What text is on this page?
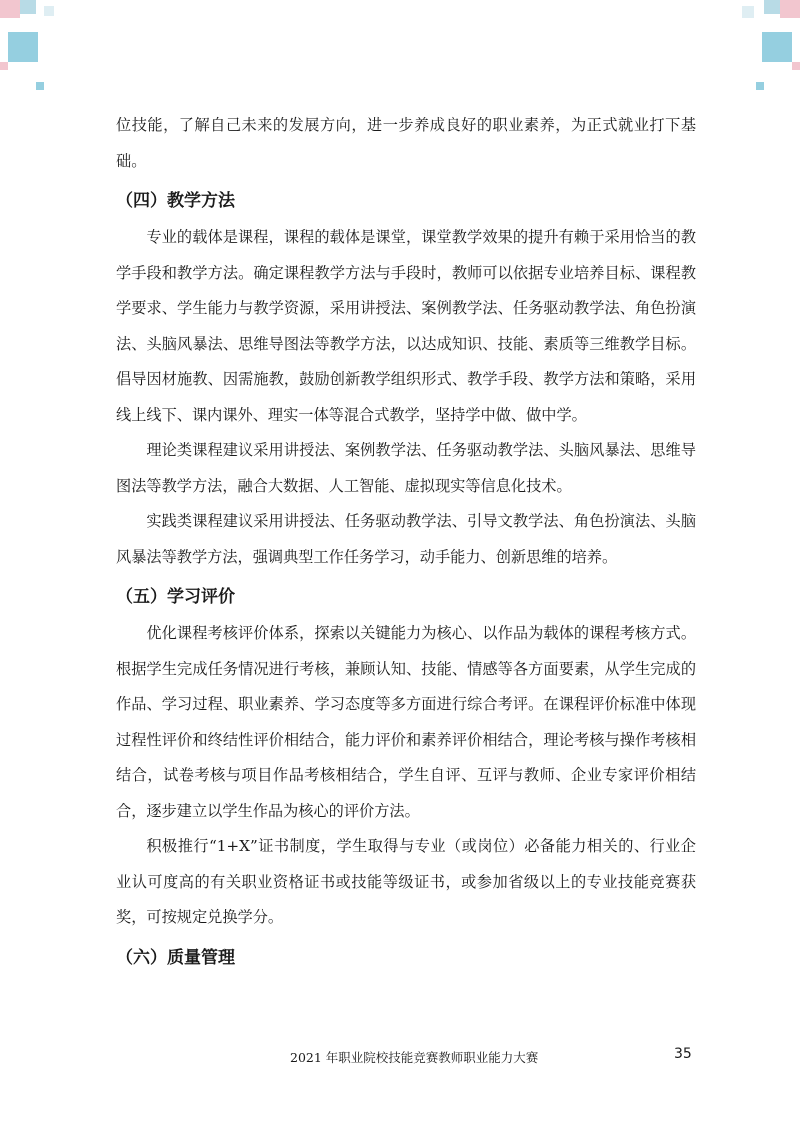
位技能，了解自己未来的发展方向，进一步养成良好的职业素养，为正式就业打下基础。

（四）教学方法

专业的载体是课程，课程的载体是课堂，课堂教学效果的提升有赖于采用恰当的教学手段和教学方法。确定课程教学方法与手段时，教师可以依据专业培养目标、课程教学要求、学生能力与教学资源，采用讲授法、案例教学法、任务驱动教学法、角色扮演法、头脑风暴法、思维导图法等教学方法，以达成知识、技能、素质等三维教学目标。倡导因材施教、因需施教，鼓励创新教学组织形式、教学手段、教学方法和策略，采用线上线下、课内课外、理实一体等混合式教学，坚持学中做、做中学。

理论类课程建议采用讲授法、案例教学法、任务驱动教学法、头脑风暴法、思维导图法等教学方法，融合大数据、人工智能、虚拟现实等信息化技术。

实践类课程建议采用讲授法、任务驱动教学法、引导文教学法、角色扮演法、头脑风暴法等教学方法，强调典型工作任务学习，动手能力、创新思维的培养。

（五）学习评价

优化课程考核评价体系，探索以关键能力为核心、以作品为载体的课程考核方式。根据学生完成任务情况进行考核，兼顾认知、技能、情感等各方面要素，从学生完成的作品、学习过程、职业素养、学习态度等多方面进行综合考评。在课程评价标准中体现过程性评价和终结性评价相结合，能力评价和素养评价相结合，理论考核与操作考核相结合，试卷考核与项目作品考核相结合，学生自评、互评与教师、企业专家评价相结合，逐步建立以学生作品为核心的评价方法。

积极推行“1+X”证书制度，学生取得与专业（或岗位）必备能力相关的、行业企业认可度高的有关职业资格证书或技能等级证书，或参加省级以上的专业技能竞赛获奖，可按规定兑换学分。

（六）质量管理
2021 年职业院校技能竞赛教师职业能力大赛	35
